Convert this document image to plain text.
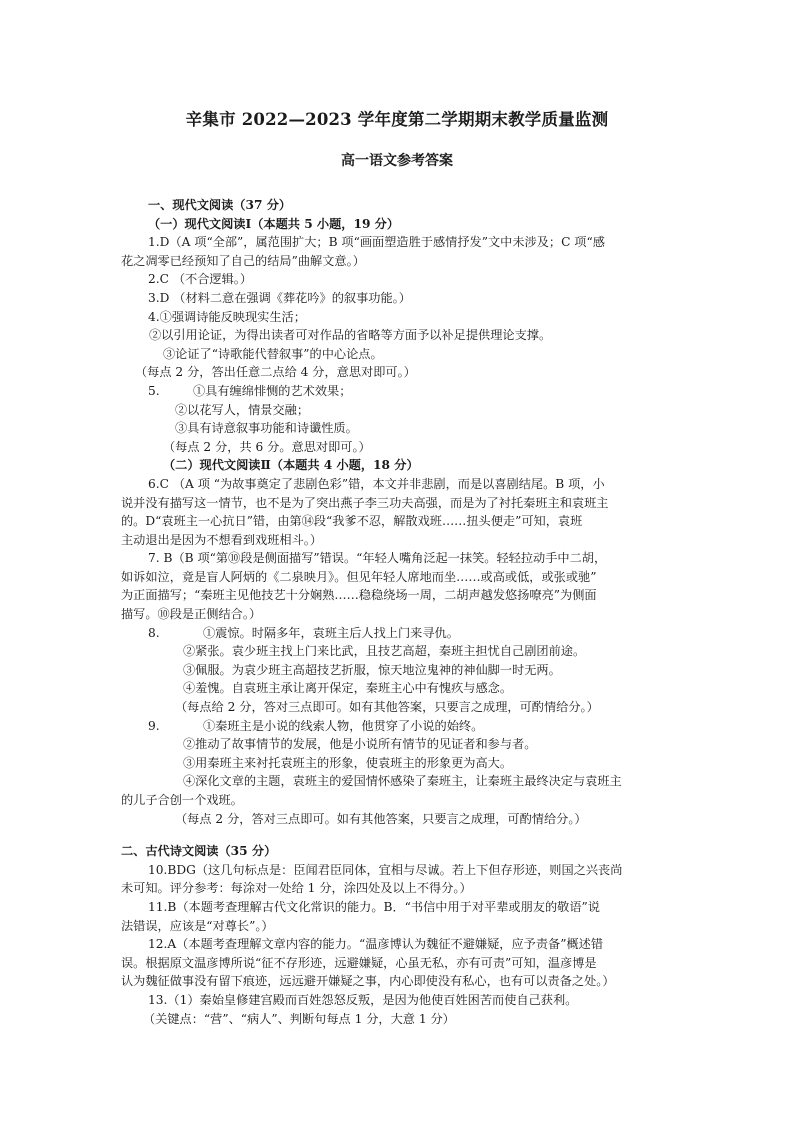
辛集市 2022—2023 学年度第二学期期末教学质量监测
高一语文参考答案
一、现代文阅读（37 分）
（一）现代文阅读Ⅰ（本题共 5 小题，19 分）
1.D（A 项“全部”，属范围扩大；B 项“画面塑造胜于感情抒发”文中未涉及；C 项“感
花之凋零已经预知了自己的结局”曲解文意。）
2.C （不合逻辑。）
3.D （材料二意在强调《葬花吟》的叙事功能。）
4.①强调诗能反映现实生活；
②以引用论证，为得出读者可对作品的省略等方面予以补足提供理论支撑。
③论证了“诗歌能代替叙事”的中心论点。
（每点 2 分，答出任意二点给 4 分，意思对即可。）
5.	①具有缠绵悱恻的艺术效果；
②以花写人，情景交融；
③具有诗意叙事功能和诗谶性质。
（每点 2 分，共 6 分。意思对即可。）
（二）现代文阅读Ⅱ（本题共 4 小题，18 分）
6.C （A 项 “为故事奠定了悲剧色彩”错，本文并非悲剧，而是以喜剧结尾。B 项，小
说并没有描写这一情节，也不是为了突出燕子李三功夫高强，而是为了衬托秦班主和袁班主
的。D“袁班主一心抗日”错，由第⑭段“我爹不忍，解散戏班……扭头便走”可知，袁班
主动退出是因为不想看到戏班相斗。）
7. B（B 项“第⑩段是侧面描写”错误。“年轻人嘴角泛起一抹笑。轻轻拉动手中二胡，
如诉如泣，竟是盲人阿炳的《二泉映月》。但见年轻人席地而坐……或高或低，或张或驰”
为正面描写；“秦班主见他技艺十分娴熟……稳稳绕场一周，二胡声越发悠扬嘹亮”为侧面
描写。⑩段是正侧结合。）
8.	①震惊。时隔多年，袁班主后人找上门来寻仇。
②紧张。袁少班主找上门来比武，且技艺高超，秦班主担忧自己剧团前途。
③佩服。为袁少班主高超技艺折服，惊天地泣鬼神的神仙脚一时无两。
④羞愧。自袁班主承让离开保定，秦班主心中有愧疚与感念。
（每点给 2 分，答对三点即可。如有其他答案，只要言之成理，可酌情给分。）
9.	①秦班主是小说的线索人物，他贯穿了小说的始终。
②推动了故事情节的发展，他是小说所有情节的见证者和参与者。
③用秦班主来衬托袁班主的形象，使袁班主的形象更为高大。
④深化文章的主题，袁班主的爱国情怀感染了秦班主，让秦班主最终决定与袁班主
的儿子合创一个戏班。
（每点 2 分，答对三点即可。如有其他答案，只要言之成理，可酌情给分。）
二、古代诗文阅读（35 分）
10.BDG（这几句标点是：臣闻君臣同体，宜相与尽诚。若上下但存形迹，则国之兴丧尚
未可知。评分参考：每涂对一处给 1 分，涂四处及以上不得分。）
11.B（本题考查理解古代文化常识的能力。B．“书信中用于对平辈或朋友的敬语”说
法错误，应该是“对尊长”。）
12.A（本题考查理解文章内容的能力。“温彦博认为魏征不避嫌疑，应予责备”概述错
误。根据原文温彦博所说“征不存形迹，远避嫌疑，心虽无私，亦有可责”可知，温彦博是
认为魏征做事没有留下痕迹，远远避开嫌疑之事，内心即使没有私心，也有可以责备之处。）
13.（1）秦始皇修建宫殿而百姓怨怒反叛，是因为他使百姓困苦而使自己获利。
（关键点：“营”、“病人”、判断句每点 1 分，大意 1 分）
